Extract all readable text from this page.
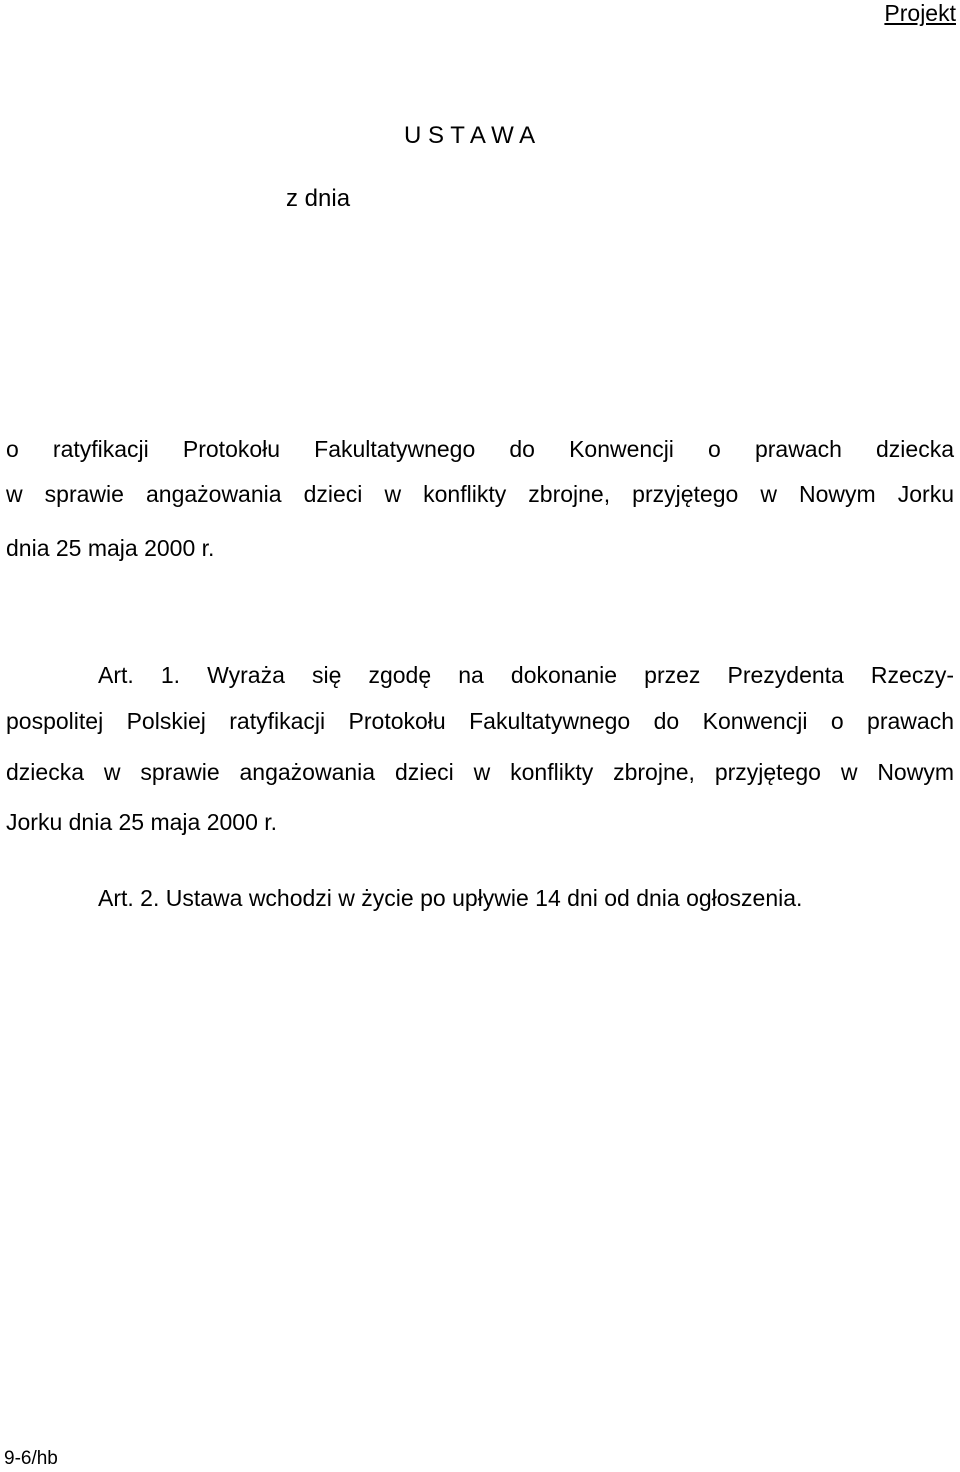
Projekt
U S T A W A
z dnia
o ratyfikacji Protokołu Fakultatywnego do Konwencji o prawach dziecka
w sprawie angażowania dzieci w konflikty zbrojne, przyjętego w Nowym Jorku
dnia 25 maja 2000 r.
Art. 1. Wyraża się zgodę na dokonanie przez Prezydenta Rzeczy-
pospolitej Polskiej ratyfikacji Protokołu Fakultatywnego do Konwencji o prawach
dziecka w sprawie angażowania dzieci w konflikty zbrojne, przyjętego w Nowym
Jorku dnia 25 maja 2000 r.
Art. 2. Ustawa wchodzi w życie po upływie 14 dni od dnia ogłoszenia.
9-6/hb
